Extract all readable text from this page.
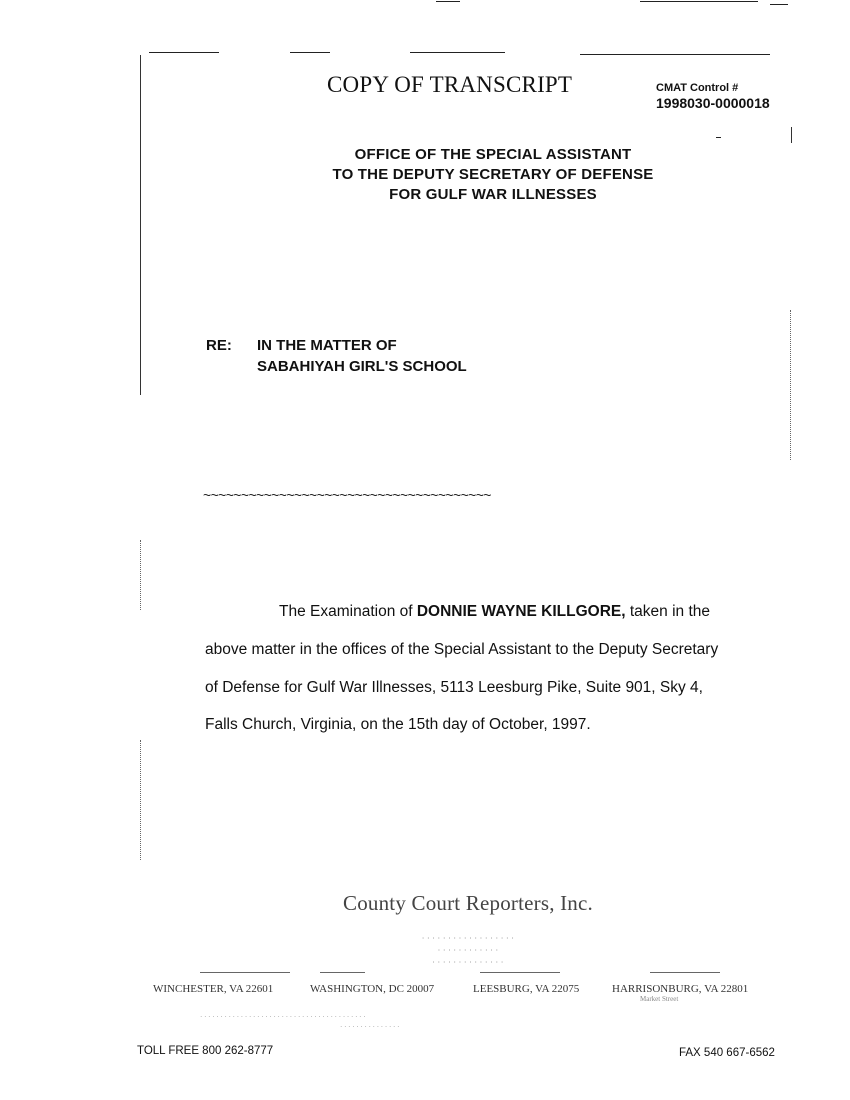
COPY OF TRANSCRIPT	CMAT Control #
1998030-0000018
OFFICE OF THE SPECIAL ASSISTANT
TO THE DEPUTY SECRETARY OF DEFENSE
FOR GULF WAR ILLNESSES
RE: IN THE MATTER OF
SABAHIYAH GIRL'S SCHOOL
~~~~~~~~~~~~~~~~~~~~~~~~~~~~~~~~~~~~~~
The Examination of DONNIE WAYNE KILLGORE, taken in the
above matter in the offices of the Special Assistant to the Deputy Secretary
of Defense for Gulf War Illnesses, 5113 Leesburg Pike, Suite 901, Sky 4,
Falls Church, Virginia, on the 15th day of October, 1997.
County Court Reporters, Inc.
· · · · · · · · · · · · · · · · · ·
· · · · · · · · · · · ·
· · · · · · · · · · · · · ·
WINCHESTER, VA 22601	WASHINGTON, DC 20007	LEESBURG, VA 22075	HARRISONBURG, VA 22801
Market Street
· · · · · · · · · · · · · · · · · · · · · · · · · · · · · · · · · · · · · · · · ·
· · · · · · · · · · · · · · ·
TOLL FREE 800 262-8777	FAX 540 667-6562
